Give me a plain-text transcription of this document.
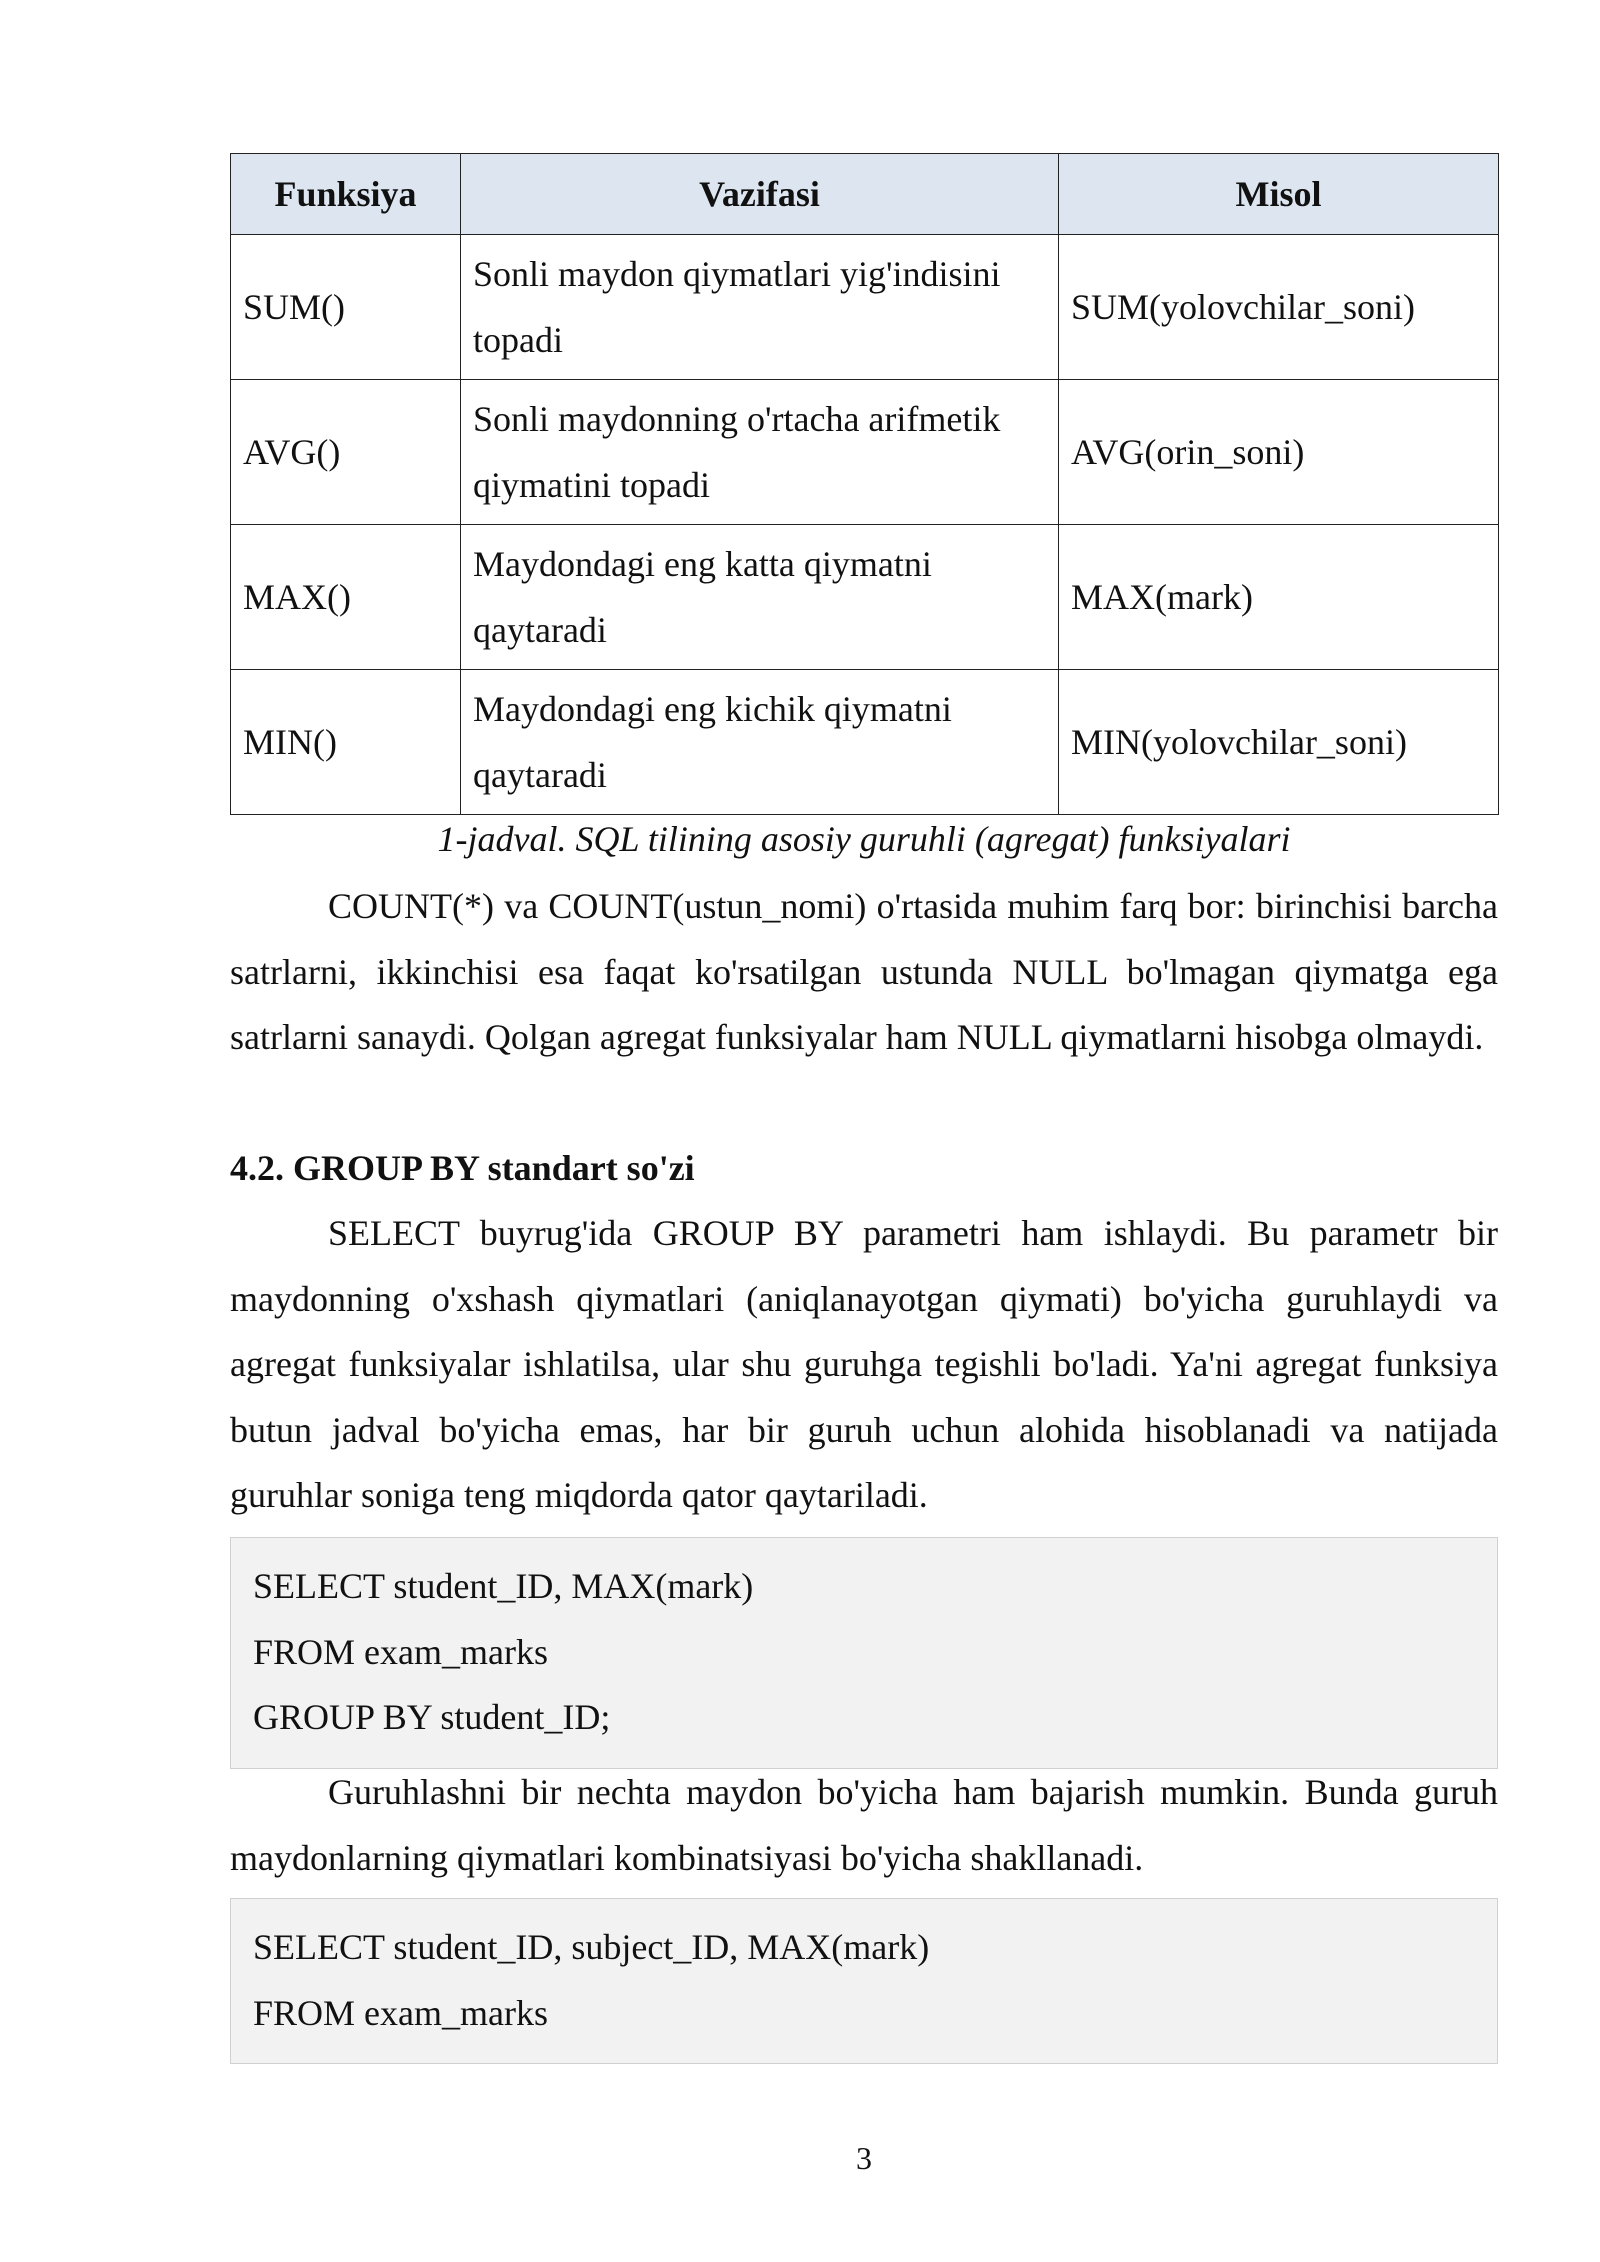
Funksiya	Vazifasi	Misol
SUM()	Sonli maydon qiymatlari yig'indisini topadi	SUM(yolovchilar_soni)
AVG()	Sonli maydonning o'rtacha arifmetik qiymatini topadi	AVG(orin_soni)
MAX()	Maydondagi eng katta qiymatni qaytaradi	MAX(mark)
MIN()	Maydondagi eng kichik qiymatni qaytaradi	MIN(yolovchilar_soni)
1-jadval. SQL tilining asosiy guruhli (agregat) funksiyalari

COUNT(*) va COUNT(ustun_nomi) o'rtasida muhim farq bor: birinchisi barcha satrlarni, ikkinchisi esa faqat ko'rsatilgan ustunda NULL bo'lmagan qiymatga ega satrlarni sanaydi. Qolgan agregat funksiyalar ham NULL qiymatlarni hisobga olmaydi.

4.2. GROUP BY standart so'zi

SELECT buyrug'ida GROUP BY parametri ham ishlaydi. Bu parametr bir maydonning o'xshash qiymatlari (aniqlanayotgan qiymati) bo'yicha guruhlaydi va agregat funksiyalar ishlatilsa, ular shu guruhga tegishli bo'ladi. Ya'ni agregat funksiya butun jadval bo'yicha emas, har bir guruh uchun alohida hisoblanadi va natijada guruhlar soniga teng miqdorda qator qaytariladi.

SELECT student_ID, MAX(mark)
FROM exam_marks
GROUP BY student_ID;

Guruhlashni bir nechta maydon bo'yicha ham bajarish mumkin. Bunda guruh maydonlarning qiymatlari kombinatsiyasi bo'yicha shakllanadi.

SELECT student_ID, subject_ID, MAX(mark)
FROM exam_marks
3
